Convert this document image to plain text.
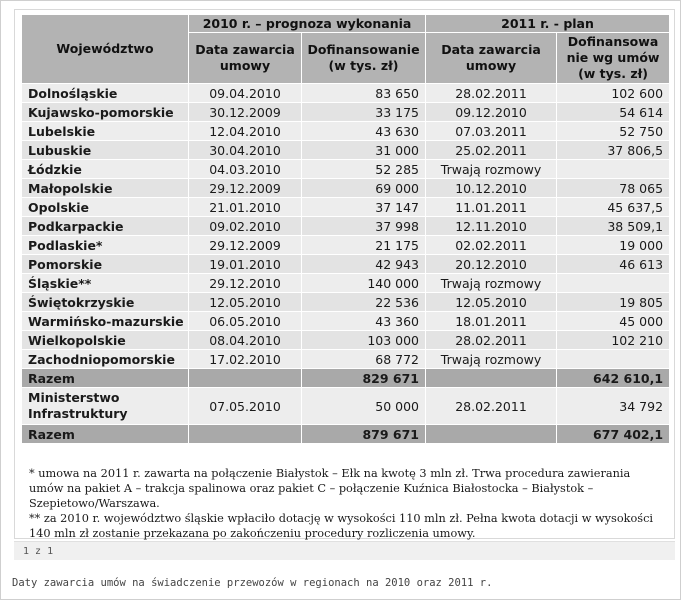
Województwo	2010 r. – prognoza wykonania		2011 r. - plan	
	Data zawarcia umowy	Dofinansowanie (w tys. zł)	Data zawarcia umowy	Dofinansowa nie wg umów (w tys. zł)
Dolnośląskie	09.04.2010	83 650	28.02.2011	102 600
Kujawsko-pomorskie	30.12.2009	33 175	09.12.2010	54 614
Lubelskie	12.04.2010	43 630	07.03.2011	52 750
Lubuskie	30.04.2010	31 000	25.02.2011	37 806,5
Łódzkie	04.03.2010	52 285	Trwają rozmowy	
Małopolskie	29.12.2009	69 000	10.12.2010	78 065
Opolskie	21.01.2010	37 147	11.01.2011	45 637,5
Podkarpackie	09.02.2010	37 998	12.11.2010	38 509,1
Podlaskie*	29.12.2009	21 175	02.02.2011	19 000
Pomorskie	19.01.2010	42 943	20.12.2010	46 613
Śląskie**	29.12.2010	140 000	Trwają rozmowy	
Świętokrzyskie	12.05.2010	22 536	12.05.2010	19 805
Warmińsko-mazurskie	06.05.2010	43 360	18.01.2011	45 000
Wielkopolskie	08.04.2010	103 000	28.02.2011	102 210
Zachodniopomorskie	17.02.2010	68 772	Trwają rozmowy	
Razem		829 671		642 610,1
Ministerstwo Infrastruktury	07.05.2010	50 000	28.02.2011	34 792
Razem		879 671		677 402,1

* umowa na 2011 r. zawarta na połączenie Białystok – Ełk na kwotę 3 mln zł. Trwa procedura zawierania umów na pakiet A – trakcja spalinowa oraz pakiet C – połączenie Kuźnica Białostocka – Białystok – Szepietowo/Warszawa.

** za 2010 r. województwo śląskie wpłaciło dotację w wysokości 110 mln zł. Pełna kwota dotacji w wysokości 140 mln zł zostanie przekazana po zakończeniu procedury rozliczenia umowy.

1 z 1
Daty zawarcia umów na świadczenie przewozów w regionach na 2010 oraz 2011 r.
